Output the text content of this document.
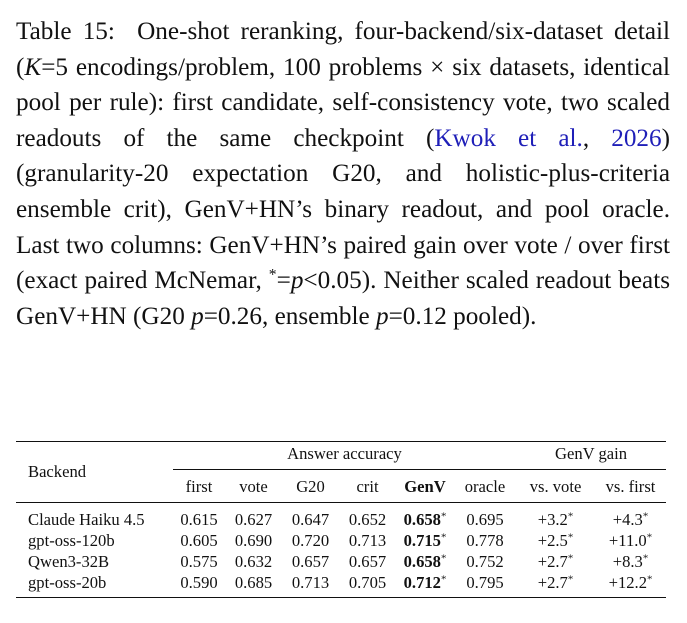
Table 15: One-shot reranking, four-backend/six-dataset detail (K=5 encodings/problem, 100 problems × six datasets, identical pool per rule): first candidate, self-consistency vote, two scaled readouts of the same checkpoint (Kwok et al., 2026) (granularity-20 expectation G20, and holistic-plus-criteria ensemble crit), GenV+HN’s binary readout, and pool oracle. Last two columns: GenV+HN’s paired gain over vote / over first (exact paired McNemar, *=p<0.05). Neither scaled readout beats GenV+HN (G20 p=0.26, ensemble p=0.12 pooled).
Backend	Answer accuracy						GenV gain	
	first	vote	G20	crit	GenV	oracle	vs. vote	vs. first
Claude Haiku 4.5	0.615	0.627	0.647	0.652	0.658*	0.695	+3.2*	+4.3*
gpt-oss-120b	0.605	0.690	0.720	0.713	0.715*	0.778	+2.5*	+11.0*
Qwen3-32B	0.575	0.632	0.657	0.657	0.658*	0.752	+2.7*	+8.3*
gpt-oss-20b	0.590	0.685	0.713	0.705	0.712*	0.795	+2.7*	+12.2*
